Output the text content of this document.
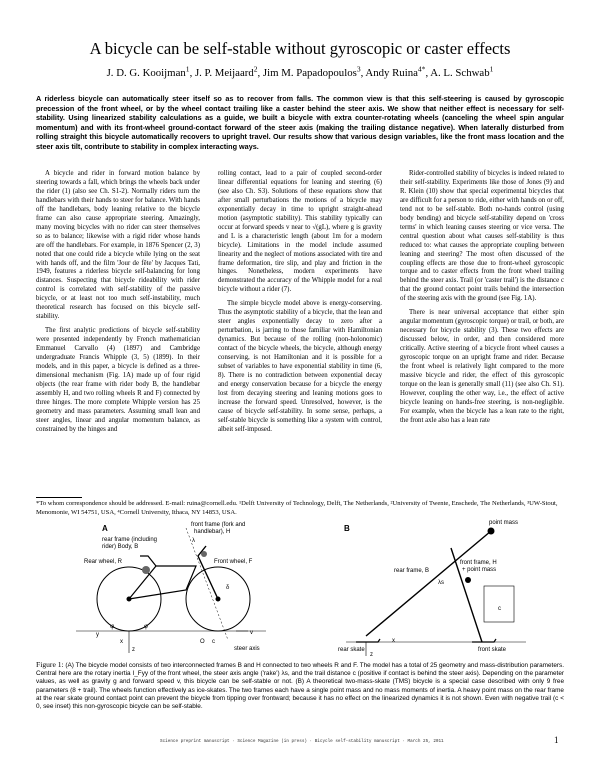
A bicycle can be self-stable without gyroscopic or caster effects
J. D. G. Kooijman$^1$, J. P. Meijaard$^2$, Jim M. Papadopoulos$^3$, Andy Ruina$^{4*}$, A. L. Schwab$^1$
A riderless bicycle can automatically steer itself so as to recover from falls. The common view is that this self-steering is caused by gyroscopic precession of the front wheel, or by the wheel contact trailing like a caster behind the steer axis. We show that neither effect is necessary for self-stability. Using linearized stability calculations as a guide, we built a bicycle with extra counter-rotating wheels (canceling the wheel spin angular momentum) and with its front-wheel ground-contact forward of the steer axis (making the trailing distance negative). When laterally disturbed from rolling straight this bicycle automatically recovers to upright travel. Our results show that various design variables, like the front mass location and the steer axis tilt, contribute to stability in complex interacting ways.

A bicycle and rider in forward motion balance by steering towards a fall, which brings the wheels back under the rider (1) (also see Ch. S1-2). Normally riders turn the handlebars with their hands to steer for balance. With hands off the handlebars, body leaning relative to the bicycle frame can also cause appropriate steering. Amazingly, many moving bicycles with no rider can steer themselves so as to balance; likewise with a rigid rider whose hands are off the handlebars. For example, in 1876 Spencer (2, 3) noted that one could ride a bicycle while lying on the seat with hands off, and the film 'Jour de fête' by Jacques Tati, 1949, features a riderless bicycle self-balancing for long distances. Suspecting that bicycle rideability with rider control is correlated with self-stability of the passive bicycle, or at least not too much self-instability, much theoretical research has focused on this bicycle self-stability.

The first analytic predictions of bicycle self-stability were presented independently by French mathematician Emmanuel Carvallo (4) (1897) and Cambridge undergraduate Francis Whipple (3, 5) (1899). In their models, and in this paper, a bicycle is defined as a three-dimensional mechanism (Fig. 1A) made up of four rigid objects (the rear frame with rider body B, the handlebar assembly H, and two rolling wheels R and F) connected by three hinges. The more complete Whipple version has 25 geometry and mass parameters. Assuming small lean and steer angles, linear and angular momentum balance, as constrained by the hinges and

rolling contact, lead to a pair of coupled second-order linear differential equations for leaning and steering (6) (see also Ch. S3). Solutions of these equations show that after small perturbations the motions of a bicycle may exponentially decay in time to upright straight-ahead motion (asymptotic stability). This stability typically can occur at forward speeds v near to √(gL), where g is gravity and L is a characteristic length (about 1m for a modern bicycle). Limitations in the model include assumed linearity and the neglect of motions associated with tire and frame deformation, tire slip, and play and friction in the hinges. Nonetheless, modern experiments have demonstrated the accuracy of the Whipple model for a real bicycle without a rider (7).

The simple bicycle model above is energy-conserving. Thus the asymptotic stability of a bicycle, that the lean and steer angles exponentially decay to zero after a perturbation, is jarring to those familiar with Hamiltonian dynamics. But because of the rolling (non-holonomic) contact of the bicycle wheels, the bicycle, although energy conserving, is not Hamiltonian and it is possible for a subset of variables to have exponential stability in time (6, 8). There is no contradiction between exponential decay and energy conservation because for a bicycle the energy lost from decaying steering and leaning motions goes to increase the forward speed. Unresolved, however, is the cause of bicycle self-stability. In some sense, perhaps, a self-stable bicycle is something like a system with control, albeit self-imposed.

Rider-controlled stability of bicycles is indeed related to their self-stability. Experiments like those of Jones (9) and R. Klein (10) show that special experimental bicycles that are difficult for a person to ride, either with hands on or off, tend not to be self-stable. Both no-hands control (using body bending) and bicycle self-stability depend on 'cross terms' in which leaning causes steering or vice versa. The central question about what causes self-stability is thus reduced to: what causes the appropriate coupling between leaning and steering? The most often discussed of the coupling effects are those due to front-wheel gyroscopic torque and to caster effects from the front wheel trailing behind the steer axis. Trail (or 'caster trail') is the distance c that the ground contact point trails behind the intersection of the steering axis with the ground (see Fig. 1A).

There is near universal acceptance that either spin angular momentum (gyroscopic torque) or trail, or both, are necessary for bicycle stability (3). These two effects are discussed below, in order, and then considered more critically. Active steering of a bicycle front wheel causes a gyroscopic torque on an upright frame and rider. Because the front wheel is relatively light compared to the more massive bicycle and rider, the effect of this gyroscopic torque on the lean is generally small (11) (see also Ch. S1). However, coupling the other way, i.e., the effect of active bicycle leaning on hands-free steering, is non-negligible. For example, when the bicycle has a lean rate to the right, the front axle also has a lean rate

*To whom correspondence should be addressed. E-mail: ruina@cornell.edu. ¹Delft University of Technology, Delft, The Netherlands, ²University of Twente, Enschede, The Netherlands, ³UW-Stout, Menomonie, WI 54751, USA, ⁴Cornell University, Ithaca, NY 14853, USA.
A
rear frame (including
rider) Body, B
front frame (fork and
handlebar), H
Rear wheel, R	Front wheel, F
z
x
steer axis
c
O
λ
δ
v
ψ
y
φ
B
point mass
rear frame, B
front frame, H
+ point mass
λs
c
rear skate	front skate
x
z
Figure 1: (A) The bicycle model consists of two interconnected frames B and H connected to two wheels R and F. The model has a total of 25 geometry and mass-distribution parameters. Central here are the rotary inertia I_Fyy of the front wheel, the steer axis angle ('rake') λs, and the trail distance c (positive if contact is behind the steer axis). Depending on the parameter values, as well as gravity g and forward speed v, this bicycle can be self-stable or not. (B) A theoretical two-mass-skate (TMS) bicycle is a special case described with only 9 free parameters (8 + trail). The wheels function effectively as ice-skates. The two frames each have a single point mass and no mass moments of inertia. A heavy point mass on the rear frame at the rear skate ground contact point can prevent the bicycle from tipping over frontward; because it has no effect on the linearized dynamics it is not shown. Even with negative trail (c < 0, see inset) this non-gyroscopic bicycle can be self-stable.
Science preprint manuscript · Science Magazine (in press) · Bicycle self-stability manuscript · March 25, 2011	1
